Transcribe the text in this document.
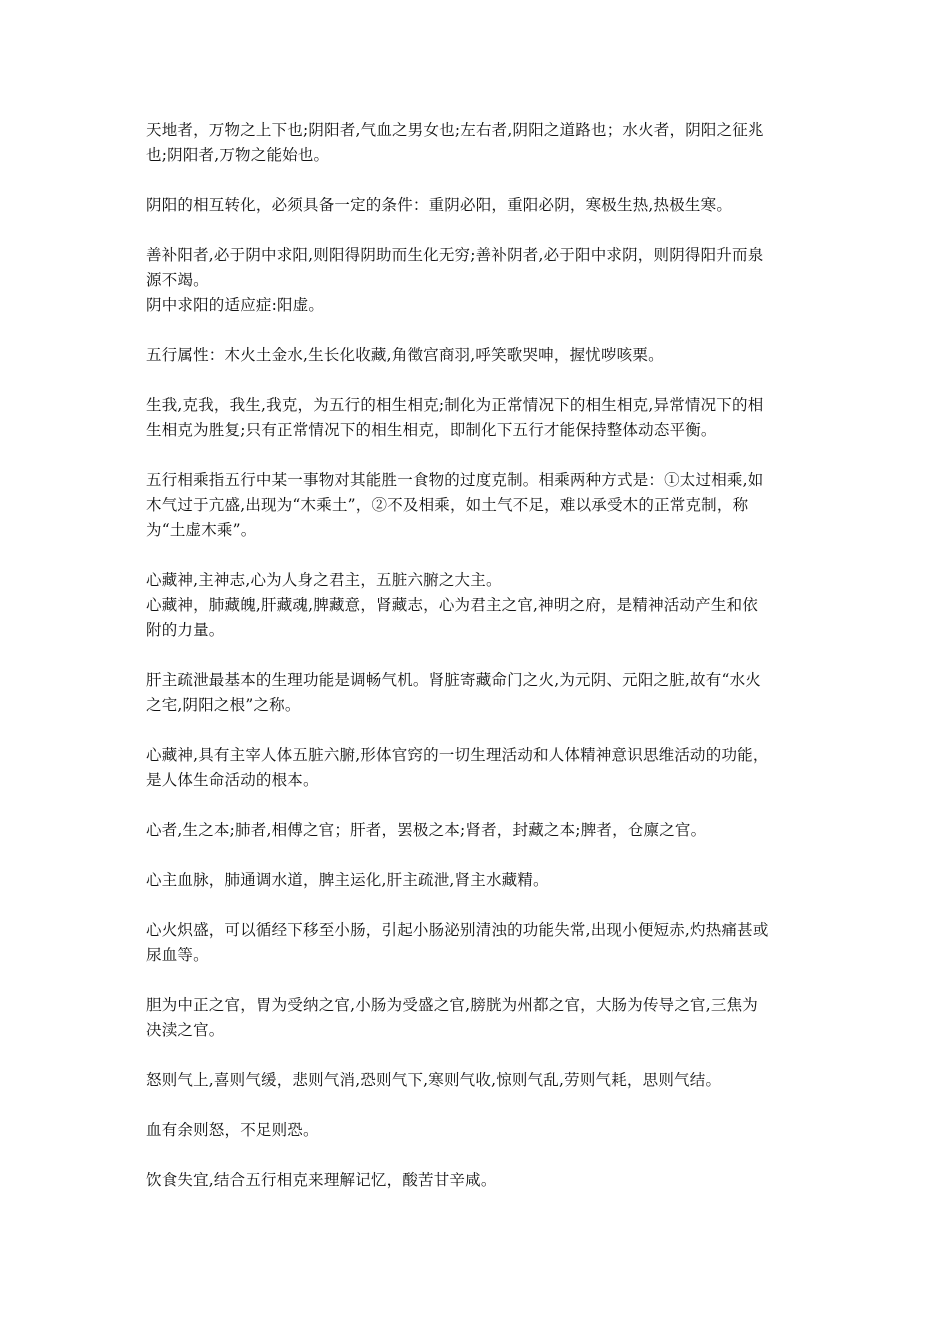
天地者，万物之上下也;阴阳者,气血之男女也;左右者,阴阳之道路也；水火者，阴阳之征兆
也;阴阳者,万物之能始也。

阴阳的相互转化，必须具备一定的条件：重阴必阳，重阳必阴，寒极生热,热极生寒。

善补阳者,必于阴中求阳,则阳得阴助而生化无穷;善补阴者,必于阳中求阴，则阴得阳升而泉
源不竭。

阴中求阳的适应症:阳虚。

五行属性：木火土金水,生长化收藏,角徵宫商羽,呼笑歌哭呻，握忧哕咳栗。

生我,克我，我生,我克，为五行的相生相克;制化为正常情况下的相生相克,异常情况下的相
生相克为胜复;只有正常情况下的相生相克，即制化下五行才能保持整体动态平衡。

五行相乘指五行中某一事物对其能胜一食物的过度克制。相乘两种方式是：①太过相乘,如
木气过于亢盛,出现为“木乘土”，②不及相乘，如土气不足，难以承受木的正常克制，称
为“土虚木乘”。

心藏神,主神志,心为人身之君主，五脏六腑之大主。

心藏神，肺藏魄,肝藏魂,脾藏意，肾藏志，心为君主之官,神明之府，是精神活动产生和依
附的力量。

肝主疏泄最基本的生理功能是调畅气机。肾脏寄藏命门之火,为元阴、元阳之脏,故有“水火
之宅,阴阳之根”之称。

心藏神,具有主宰人体五脏六腑,形体官窍的一切生理活动和人体精神意识思维活动的功能，
是人体生命活动的根本。

心者,生之本;肺者,相傅之官；肝者，罢极之本;肾者，封藏之本;脾者，仓廪之官。

心主血脉，肺通调水道，脾主运化,肝主疏泄,肾主水藏精。

心火炽盛，可以循经下移至小肠，引起小肠泌别清浊的功能失常,出现小便短赤,灼热痛甚或
尿血等。

胆为中正之官，胃为受纳之官,小肠为受盛之官,膀胱为州都之官，大肠为传导之官,三焦为
决渎之官。

怒则气上,喜则气缓，悲则气消,恐则气下,寒则气收,惊则气乱,劳则气耗，思则气结。

血有余则怒，不足则恐。

饮食失宜,结合五行相克来理解记忆，酸苦甘辛咸。
